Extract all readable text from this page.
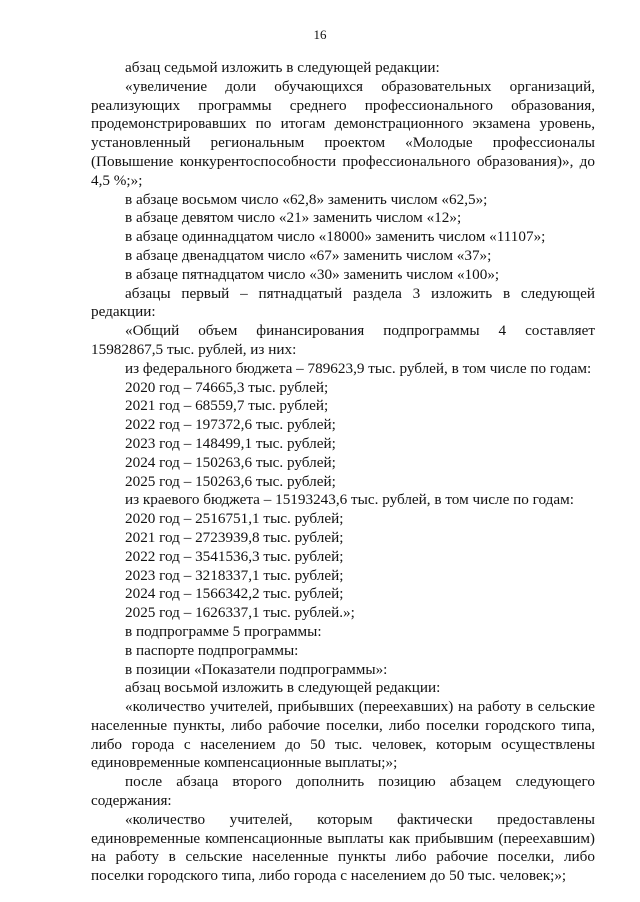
16

абзац седьмой изложить в следующей редакции:

«увеличение доли обучающихся образовательных организаций, реализующих программы среднего профессионального образования, продемонстрировавших по итогам демонстрационного экзамена уровень, установленный региональным проектом «Молодые профессионалы (Повышение конкурентоспособности профессионального образования)», до 4,5 %;»;

в абзаце восьмом число «62,8» заменить числом «62,5»;

в абзаце девятом число «21» заменить числом «12»;

в абзаце одиннадцатом число «18000» заменить числом «11107»;

в абзаце двенадцатом число «67» заменить числом «37»;

в абзаце пятнадцатом число «30» заменить числом «100»;

абзацы первый – пятнадцатый раздела 3 изложить в следующей редакции:

«Общий объем финансирования подпрограммы 4 составляет 15982867,5 тыс. рублей, из них:

из федерального бюджета – 789623,9 тыс. рублей, в том числе по годам:

2020 год – 74665,3 тыс. рублей;

2021 год – 68559,7 тыс. рублей;

2022 год – 197372,6 тыс. рублей;

2023 год – 148499,1 тыс. рублей;

2024 год – 150263,6 тыс. рублей;

2025 год – 150263,6 тыс. рублей;

из краевого бюджета – 15193243,6 тыс. рублей, в том числе по годам:

2020 год – 2516751,1 тыс. рублей;

2021 год – 2723939,8 тыс. рублей;

2022 год – 3541536,3 тыс. рублей;

2023 год – 3218337,1 тыс. рублей;

2024 год – 1566342,2 тыс. рублей;

2025 год – 1626337,1 тыс. рублей.»;

в подпрограмме 5 программы:

в паспорте подпрограммы:

в позиции «Показатели подпрограммы»:

абзац восьмой изложить в следующей редакции:

«количество учителей, прибывших (переехавших) на работу в сельские населенные пункты, либо рабочие поселки, либо поселки городского типа, либо города с населением до 50 тыс. человек, которым осуществлены единовременные компенсационные выплаты;»;

после абзаца второго дополнить позицию абзацем следующего содержания:

«количество учителей, которым фактически предоставлены единовременные компенсационные выплаты как прибывшим (переехавшим) на работу в сельские населенные пункты либо рабочие поселки, либо поселки городского типа, либо города с населением до 50 тыс. человек;»;
